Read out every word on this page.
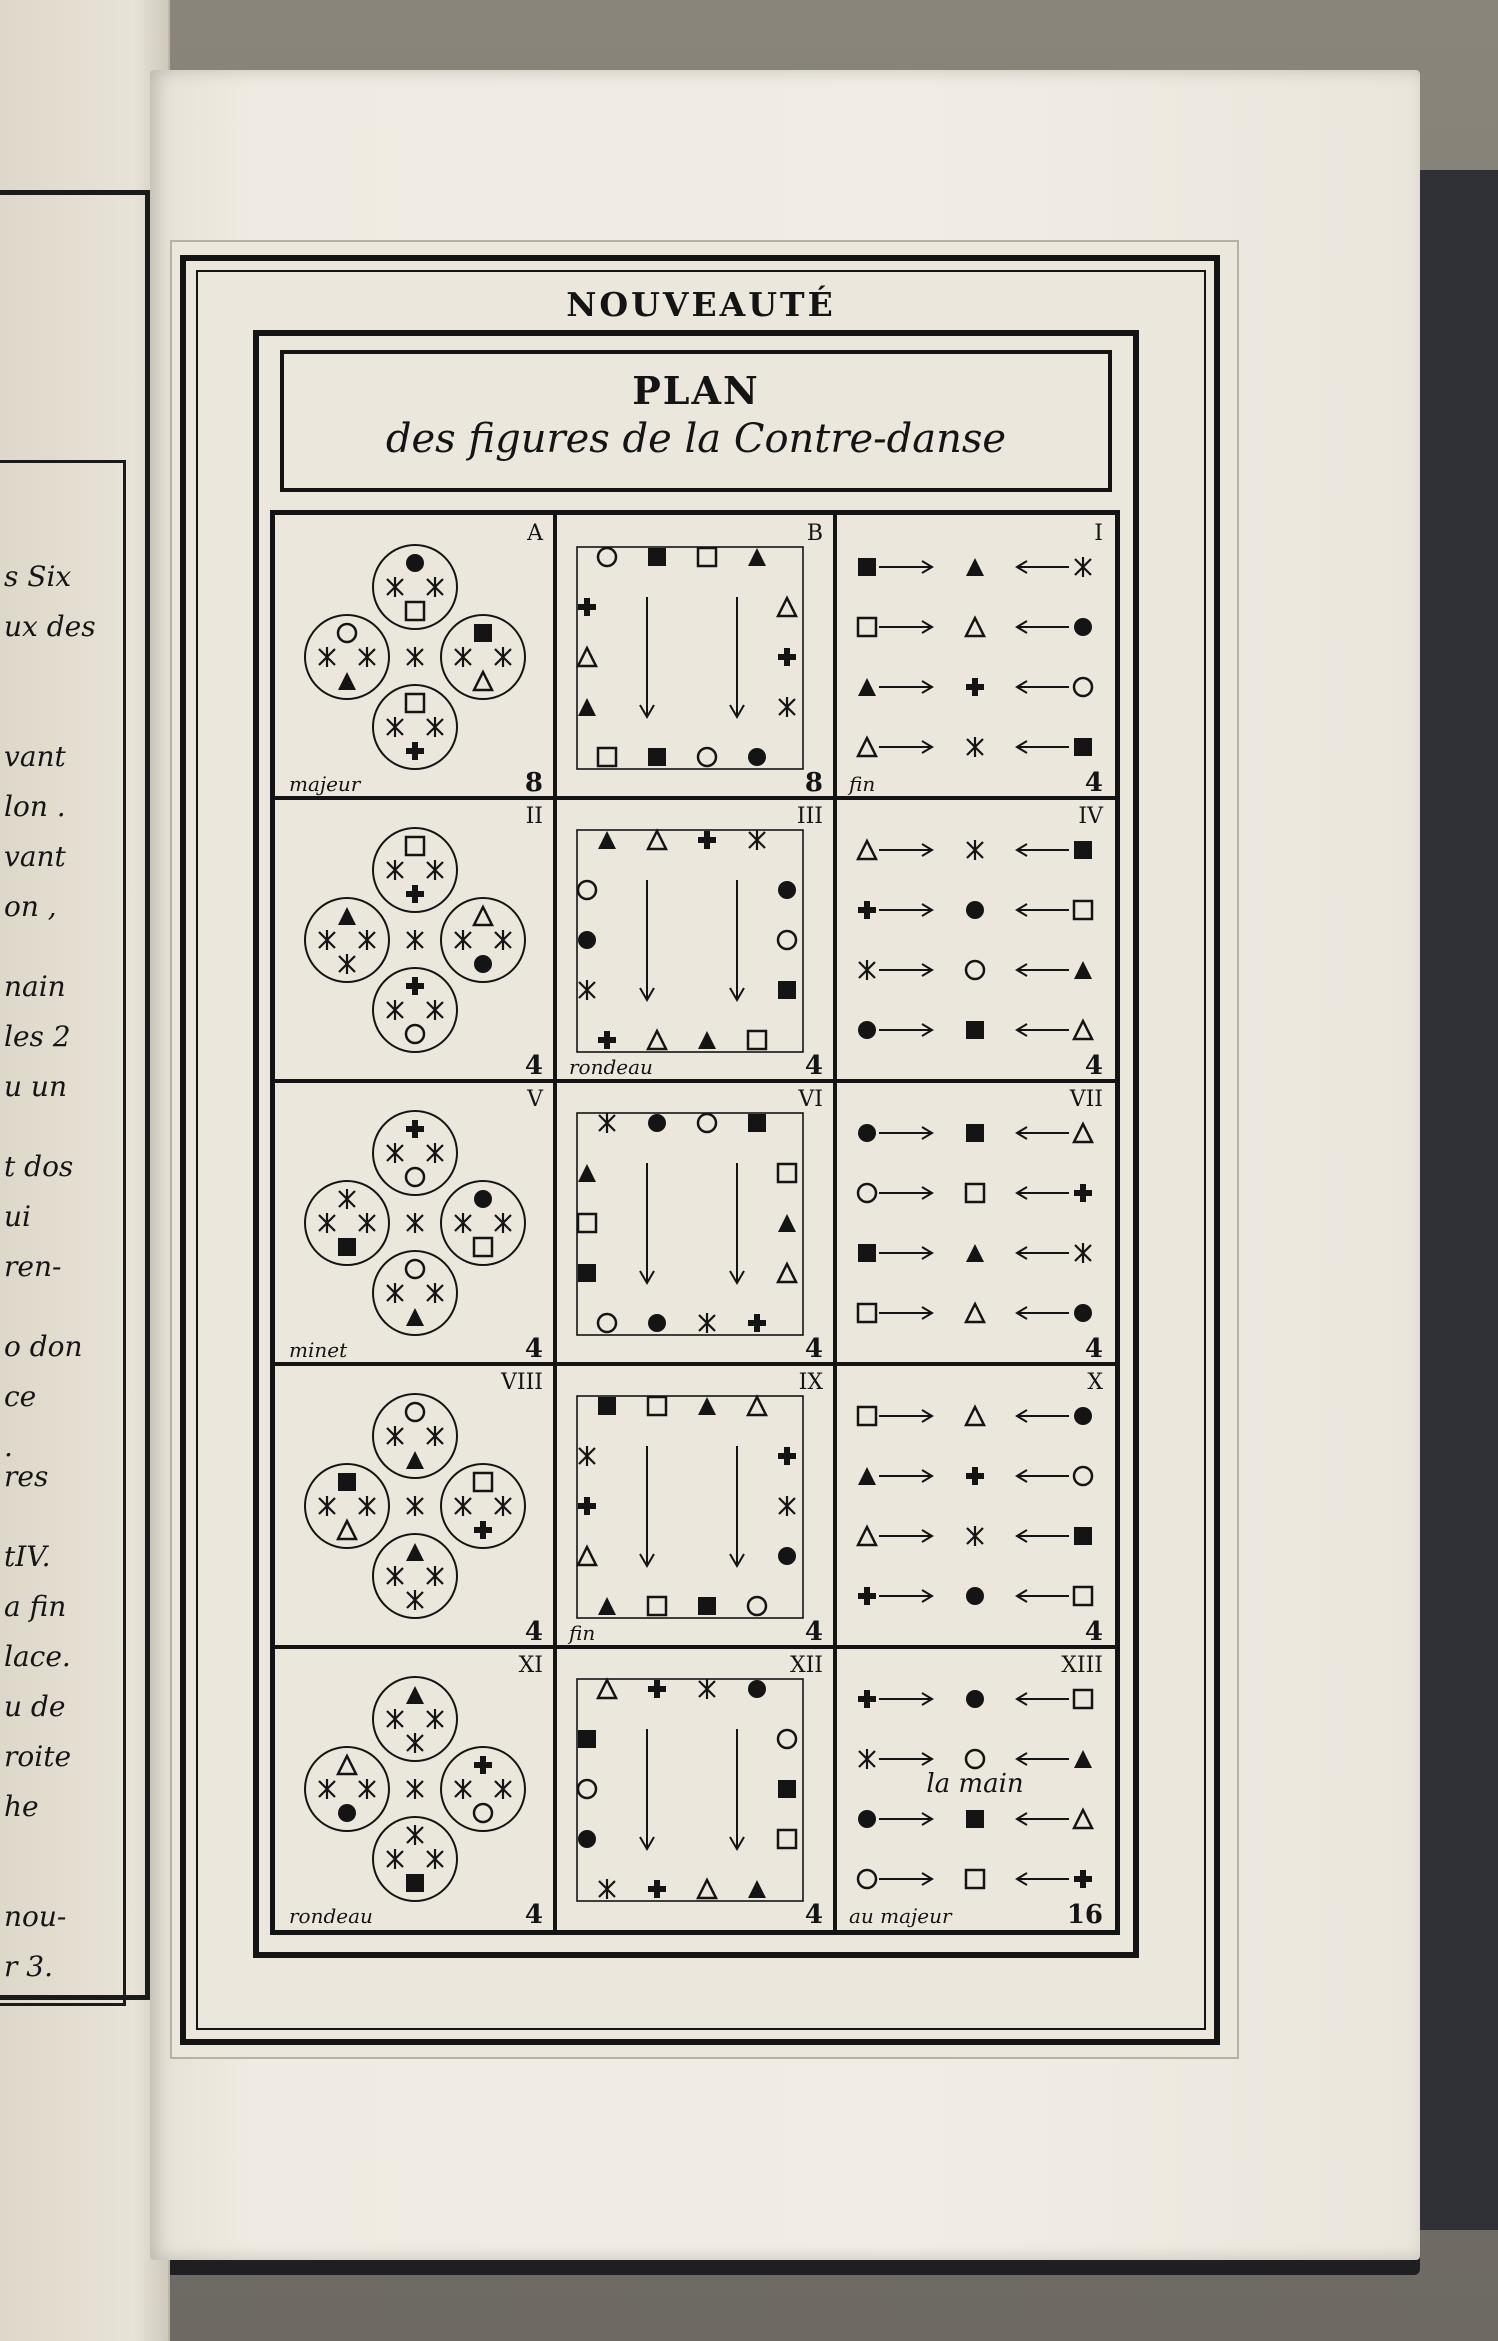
s Six
ux des
vant
lon .
vant
on ,
nain
les 2
u un
t dos
ui
ren-
o don
ce
.
res
tIV.
a fin
lace.
u de
roite
he
nou-
r 3.
NOUVEAUTÉ
PLAN
des figures de la Contre-danse
A
8
majeur
B
8
I
4
fin
II
4
III
4
rondeau
IV
4
V
4
minet
VI
4
VII
4
VIII
4
IX
4
fin
X
4
XI
4
rondeau
XII
4
XIII
16
au majeur
la main
